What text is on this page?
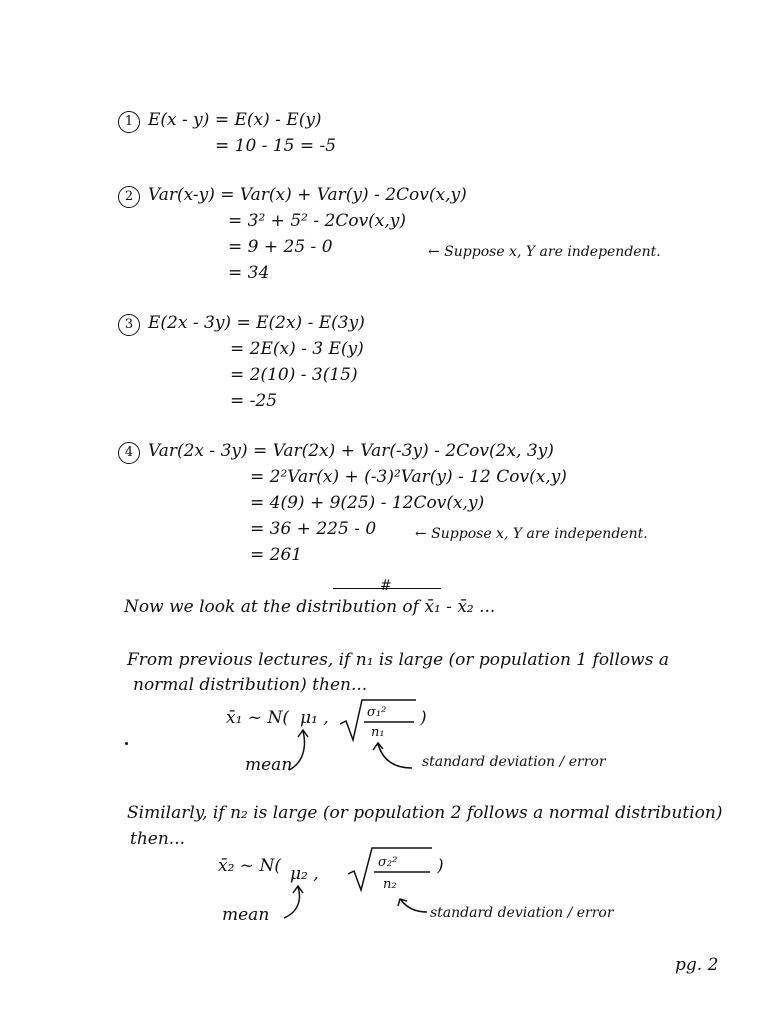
1 E(x - y) = E(x) - E(y)
= 10 - 15 = -5
2 Var(x-y) = Var(x) + Var(y) - 2Cov(x,y)
= 3² + 5² - 2Cov(x,y)
= 9 + 25 - 0	← Suppose x, Y are independent.
= 34
3 E(2x - 3y) = E(2x) - E(3y)
= 2E(x) - 3 E(y)
= 2(10) - 3(15)
= -25
4 Var(2x - 3y) = Var(2x) + Var(-3y) - 2Cov(2x, 3y)
= 2²Var(x) + (-3)²Var(y) - 12 Cov(x,y)
= 4(9) + 9(25) - 12Cov(x,y)
= 36 + 225 - 0	← Suppose x, Y are independent.
= 261
#
Now we look at the distribution of x̄₁ - x̄₂ ...
From previous lectures, if n₁ is large (or population 1 follows a
normal distribution) then...
x̄₁ ~ N( μ₁ ,	σ₁²
n₁
)
mean	standard deviation / error
Similarly, if n₂ is large (or population 2 follows a normal distribution)
then...
x̄₂ ~ N( μ₂ ,
σ₂²
n₂
)
mean	standard deviation / error
pg. 2
